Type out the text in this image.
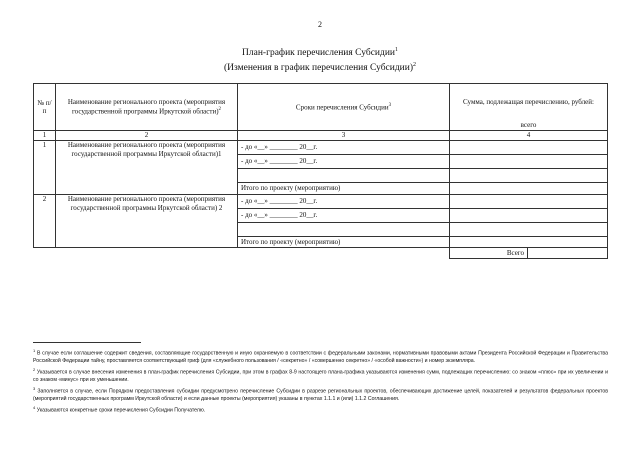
2
План-график перечисления Субсидии$^1$
(Изменения в график перечисления Субсидии)$^2$
№ п/п	Наименование регионального проекта (мероприятия государственной программы Иркутской области)$^2$	Сроки перечисления Субсидии$^3$	Сумма, подлежащая перечислению, рублей:	
			всего	
1	2	3	4	
1	Наименование регионального проекта (мероприятия государственной программы Иркутской области)1	- до «__» ________ 20__г.		
		- до «__» ________ 20__г.		

		Итого по проекту (мероприятию)		
2	Наименование регионального проекта (мероприятия государственной программы Иркутской области) 2	- до «__» ________ 20__г.		
		- до «__» ________ 20__г.		

		Итого по проекту (мероприятию)		
			Всего	

$^1$ В случае если соглашение содержит сведения, составляющие государственную и иную охраняемую в соответствии с федеральными законами, нормативными правовыми актами Президента Российской Федерации и Правительства Российской Федерации тайну, проставляется соответствующий гриф (для «служебного пользования / «секретно» / «совершенно секретно» / «особой важности») и номер экземпляра.

$^2$ Указывается в случае внесения изменения в план-график перечисления Субсидии, при этом в графах 8-9 настоящего плана-графика указываются изменения сумм, подлежащих перечислению: со знаком «плюс» при их увеличении и со знаком «минус» при их уменьшении.

$^3$ Заполняется в случае, если Порядком предоставления субсидии предусмотрено перечисление Субсидии в разрезе региональных проектов, обеспечивающих достижение целей, показателей и результатов федеральных проектов (мероприятий государственных программ Иркутской области) и если данные проекты (мероприятия) указаны в пунктах 1.1.1 и (или) 1.1.2 Соглашения.

$^4$ Указываются конкретные сроки перечисления Субсидии Получателю.
